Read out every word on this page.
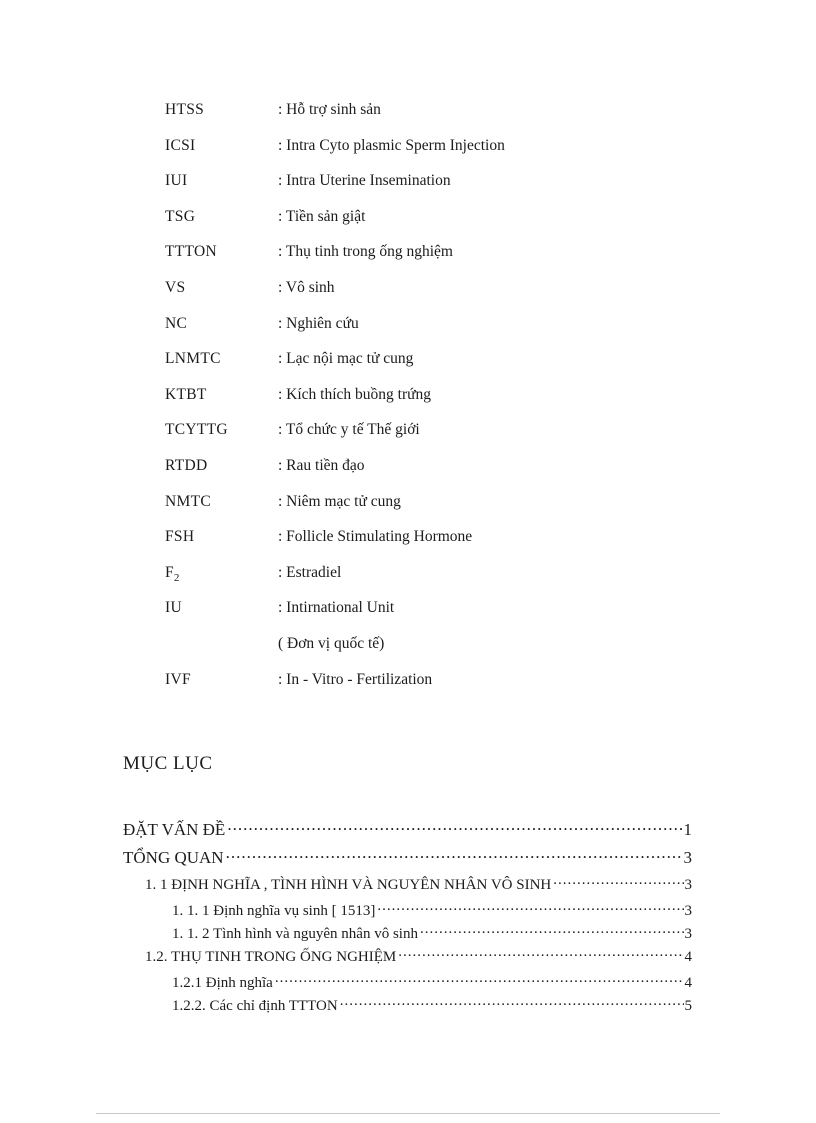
HTSS	: Hỗ trợ sinh sản
ICSI	: Intra Cyto plasmic Sperm Injection
IUI	: Intra Uterine Insemination
TSG	: Tiền sản giật
TTTON	: Thụ tinh trong ống nghiệm
VS	: Vô sinh
NC	: Nghiên cứu
LNMTC	: Lạc nội mạc tử cung
KTBT	: Kích thích buồng trứng
TCYTTG	: Tổ chức y tế Thế giới
RTDD	: Rau tiền đạo
NMTC	: Niêm mạc tử cung
FSH	: Follicle Stimulating Hormone
$F_2$	: Estradiel
IU	: Intirnational Unit
( Đơn vị quốc tế)
IVF	: In - Vitro - Fertilization
MỤC LỤC
ĐẶT VẤN ĐỀ .....	1
TỔNG QUAN .....	3
1. 1 ĐỊNH NGHĨA , TÌNH HÌNH VÀ NGUYÊN NHÂN VÔ SINH .....	3
1. 1. 1 Định nghĩa vụ sinh [ 1513] .....	3
1. 1. 2 Tình hình và nguyên nhân vô sinh .....	3
1.2. THỤ TINH TRONG ỐNG NGHIỆM .....	4
1.2.1 Định nghĩa .....	4
1.2.2. Các chỉ định TTTON .....	5
